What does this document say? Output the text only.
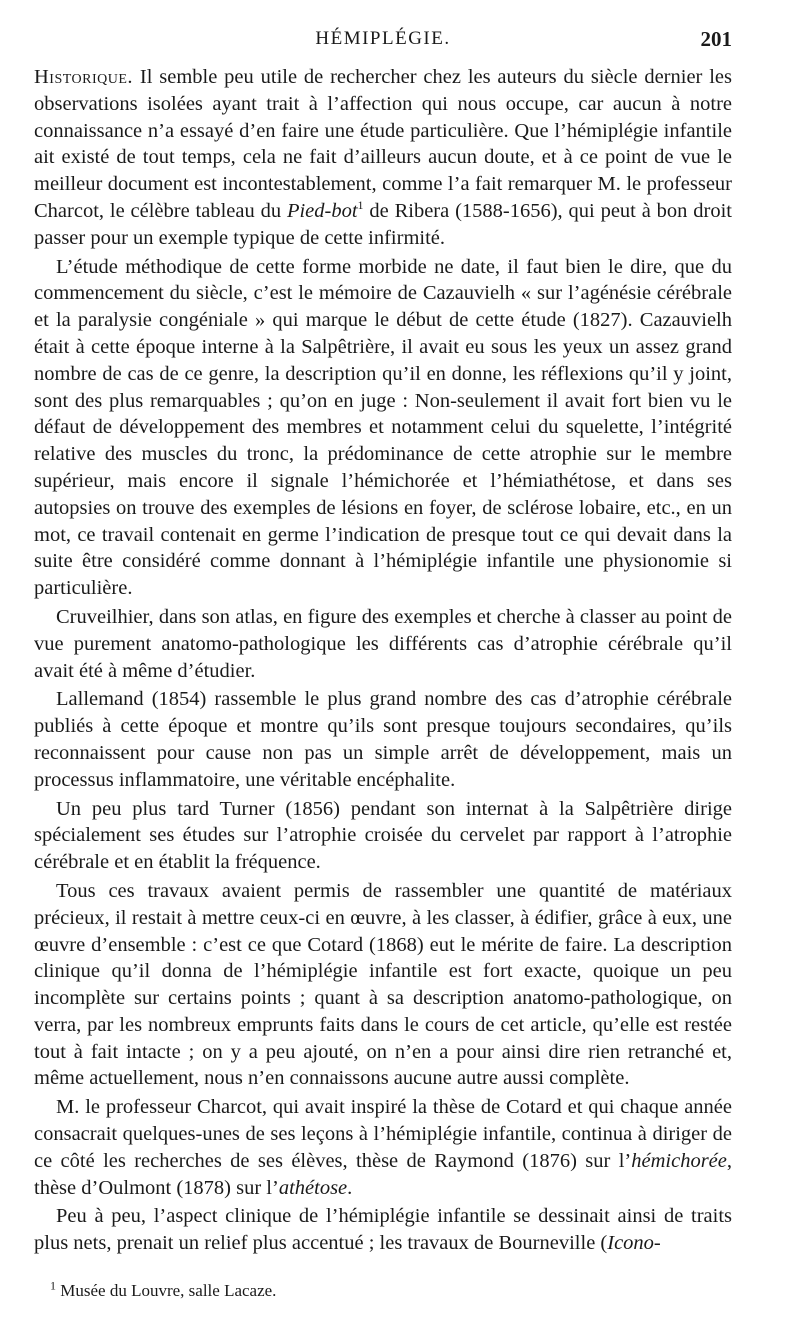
HÉMIPLÉGIE.	201

Historique. Il semble peu utile de rechercher chez les auteurs du siècle dernier les observations isolées ayant trait à l’affection qui nous occupe, car aucun à notre connaissance n’a essayé d’en faire une étude particulière. Que l’hémiplégie infantile ait existé de tout temps, cela ne fait d’ailleurs aucun doute, et à ce point de vue le meilleur document est incontestablement, comme l’a fait remarquer M. le professeur Charcot, le célèbre tableau du Pied-bot$^1$ de Ribera (1588-1656), qui peut à bon droit passer pour un exemple typique de cette infirmité.

L’étude méthodique de cette forme morbide ne date, il faut bien le dire, que du commencement du siècle, c’est le mémoire de Cazauvielh « sur l’agénésie cérébrale et la paralysie congéniale » qui marque le début de cette étude (1827). Cazauvielh était à cette époque interne à la Salpêtrière, il avait eu sous les yeux un assez grand nombre de cas de ce genre, la description qu’il en donne, les réflexions qu’il y joint, sont des plus remarquables ; qu’on en juge : Non-seulement il avait fort bien vu le défaut de développement des membres et notamment celui du squelette, l’intégrité relative des muscles du tronc, la prédominance de cette atrophie sur le membre supérieur, mais encore il signale l’hémichorée et l’hémiathétose, et dans ses autopsies on trouve des exemples de lésions en foyer, de sclérose lobaire, etc., en un mot, ce travail contenait en germe l’indication de presque tout ce qui devait dans la suite être considéré comme donnant à l’hémiplégie infantile une physionomie si particulière.

Cruveilhier, dans son atlas, en figure des exemples et cherche à classer au point de vue purement anatomo-pathologique les différents cas d’atrophie cérébrale qu’il avait été à même d’étudier.

Lallemand (1854) rassemble le plus grand nombre des cas d’atrophie cérébrale publiés à cette époque et montre qu’ils sont presque toujours secondaires, qu’ils reconnaissent pour cause non pas un simple arrêt de développement, mais un processus inflammatoire, une véritable encéphalite.

Un peu plus tard Turner (1856) pendant son internat à la Salpêtrière dirige spécialement ses études sur l’atrophie croisée du cervelet par rapport à l’atrophie cérébrale et en établit la fréquence.

Tous ces travaux avaient permis de rassembler une quantité de matériaux précieux, il restait à mettre ceux-ci en œuvre, à les classer, à édifier, grâce à eux, une œuvre d’ensemble : c’est ce que Cotard (1868) eut le mérite de faire. La description clinique qu’il donna de l’hémiplégie infantile est fort exacte, quoique un peu incomplète sur certains points ; quant à sa description anatomo-pathologique, on verra, par les nombreux emprunts faits dans le cours de cet article, qu’elle est restée tout à fait intacte ; on y a peu ajouté, on n’en a pour ainsi dire rien retranché et, même actuellement, nous n’en connaissons aucune autre aussi complète.

M. le professeur Charcot, qui avait inspiré la thèse de Cotard et qui chaque année consacrait quelques-unes de ses leçons à l’hémiplégie infantile, continua à diriger de ce côté les recherches de ses élèves, thèse de Raymond (1876) sur l’hémichorée, thèse d’Oulmont (1878) sur l’athétose.

Peu à peu, l’aspect clinique de l’hémiplégie infantile se dessinait ainsi de traits plus nets, prenait un relief plus accentué ; les travaux de Bourneville (Icono-

$^1$ Musée du Louvre, salle Lacaze.
